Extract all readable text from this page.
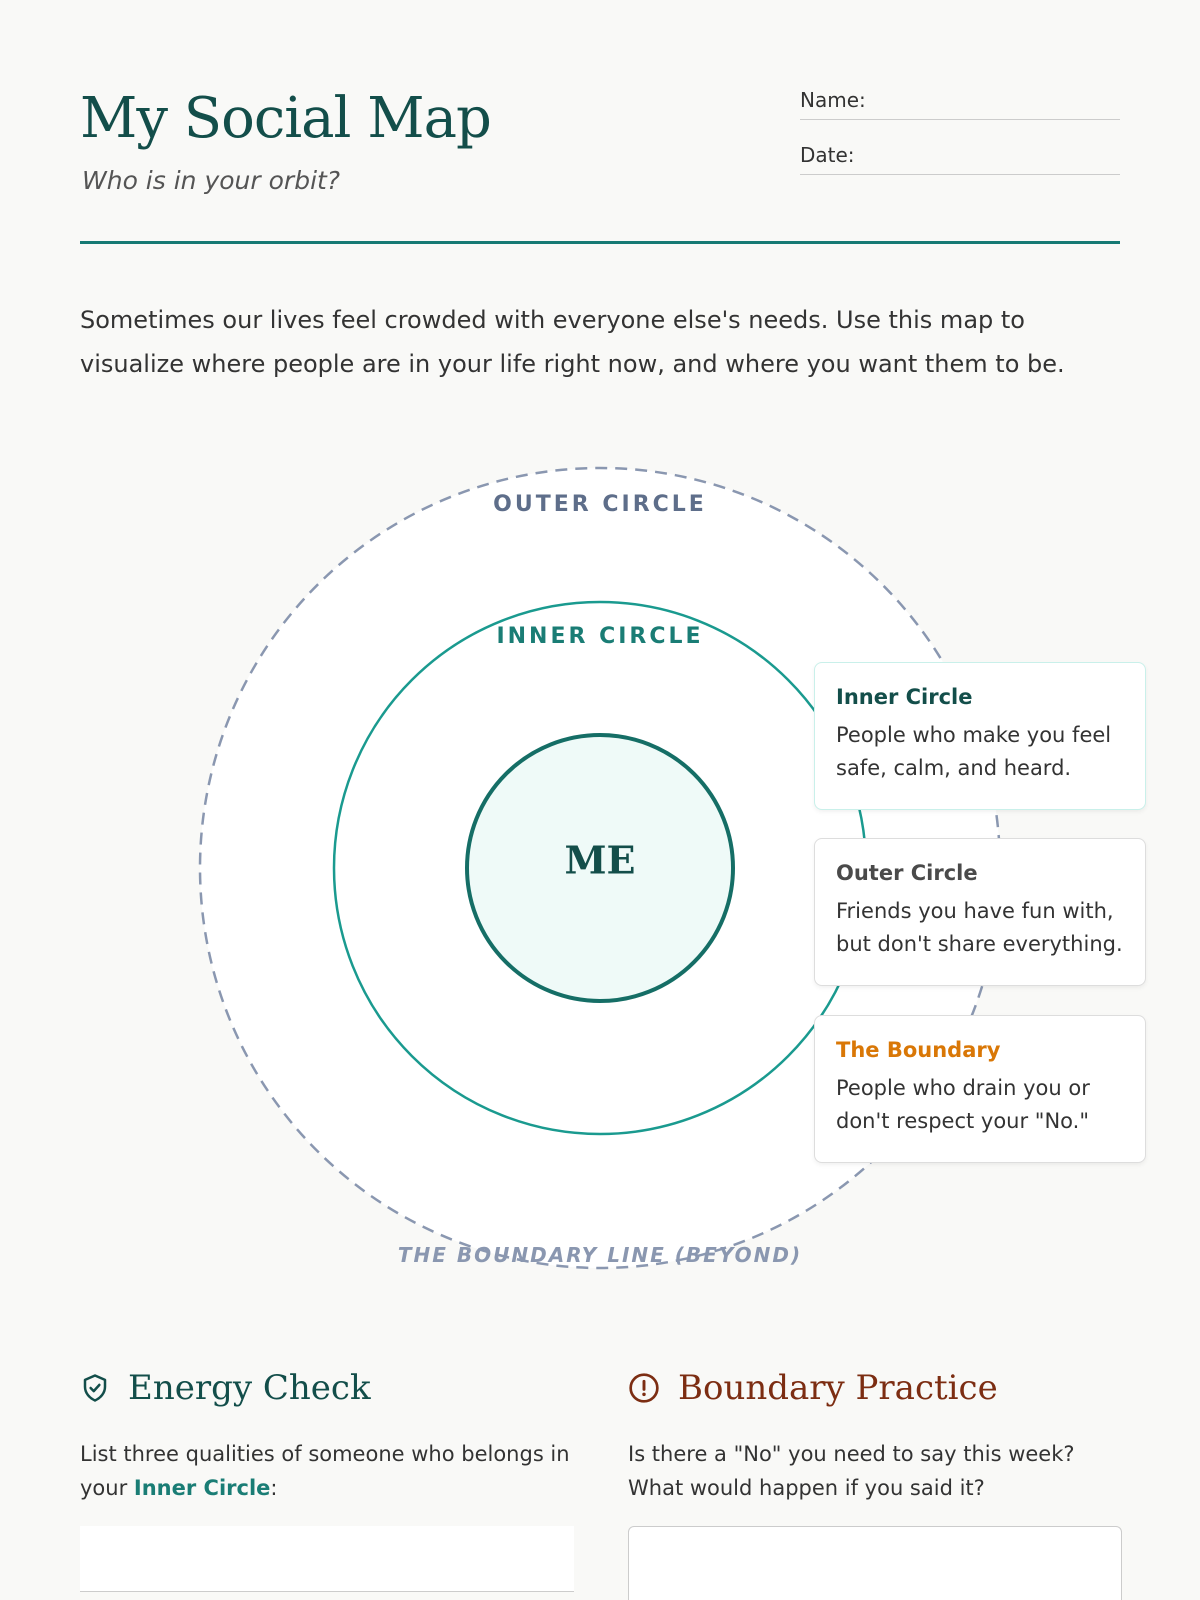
My Social Map
Who is in your orbit?
Name:
Date:

Sometimes our lives feel crowded with everyone else's needs. Use this map to visualize where people are in your life right now, and where you want them to be.

OUTER CIRCLE
INNER CIRCLE
ME
THE BOUNDARY LINE (BEYOND)
Inner Circle
People who make you feel safe, calm, and heard.
Outer Circle
Friends you have fun with, but don't share everything.
The Boundary
People who drain you or don't respect your "No."
Energy Check

List three qualities of someone who belongs in your Inner Circle:

Boundary Practice

Is there a "No" you need to say this week? What would happen if you said it?
